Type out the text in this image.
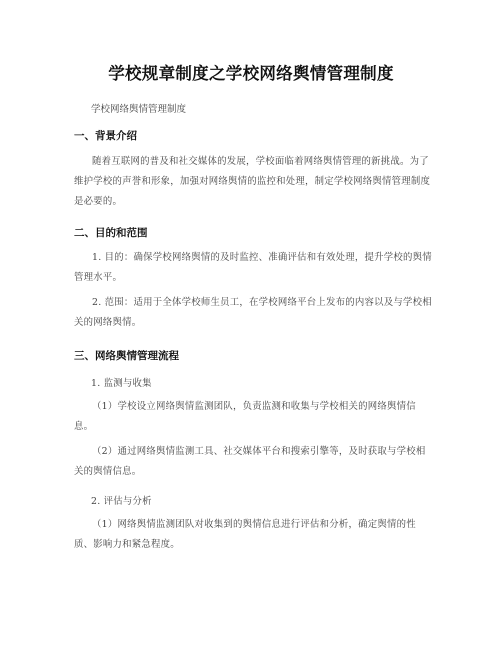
学校规章制度之学校网络舆情管理制度
学校网络舆情管理制度
一、背景介绍

随着互联网的普及和社交媒体的发展，学校面临着网络舆情管理的新挑战。为了维护学校的声誉和形象，加强对网络舆情的监控和处理，制定学校网络舆情管理制度是必要的。

二、目的和范围

1. 目的：确保学校网络舆情的及时监控、准确评估和有效处理，提升学校的舆情管理水平。

2. 范围：适用于全体学校师生员工，在学校网络平台上发布的内容以及与学校相关的网络舆情。

三、网络舆情管理流程
1. 监测与收集

（1）学校设立网络舆情监测团队，负责监测和收集与学校相关的网络舆情信息。

（2）通过网络舆情监测工具、社交媒体平台和搜索引擎等，及时获取与学校相关的舆情信息。

2. 评估与分析

（1）网络舆情监测团队对收集到的舆情信息进行评估和分析，确定舆情的性质、影响力和紧急程度。
